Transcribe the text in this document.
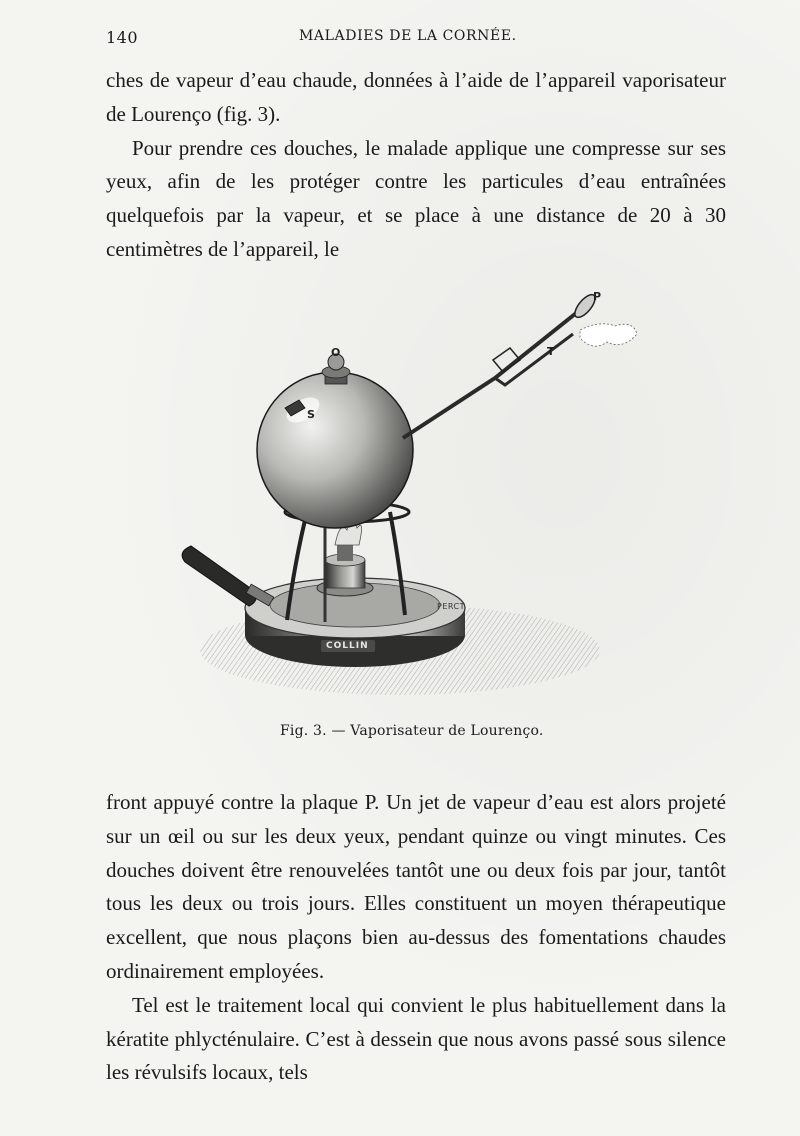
140	MALADIES DE LA CORNÉE.

ches de vapeur d’eau chaude, données à l’aide de l’appareil vaporisateur de Lourenço (fig. 3).

Pour prendre ces douches, le malade applique une compresse sur ses yeux, afin de les protéger contre les particules d’eau entraînées quelquefois par la vapeur, et se place à une distance de 20 à 30 centimètres de l’appareil, le

P
T
O
S
COLLIN
PERCT
Fig. 3. — Vaporisateur de Lourenço.

front appuyé contre la plaque P. Un jet de vapeur d’eau est alors projeté sur un œil ou sur les deux yeux, pendant quinze ou vingt minutes. Ces douches doivent être renouvelées tantôt une ou deux fois par jour, tantôt tous les deux ou trois jours. Elles constituent un moyen thérapeutique excellent, que nous plaçons bien au-dessus des fomentations chaudes ordinairement employées.

Tel est le traitement local qui convient le plus habituellement dans la kératite phlycténulaire. C’est à dessein que nous avons passé sous silence les révulsifs locaux, tels
